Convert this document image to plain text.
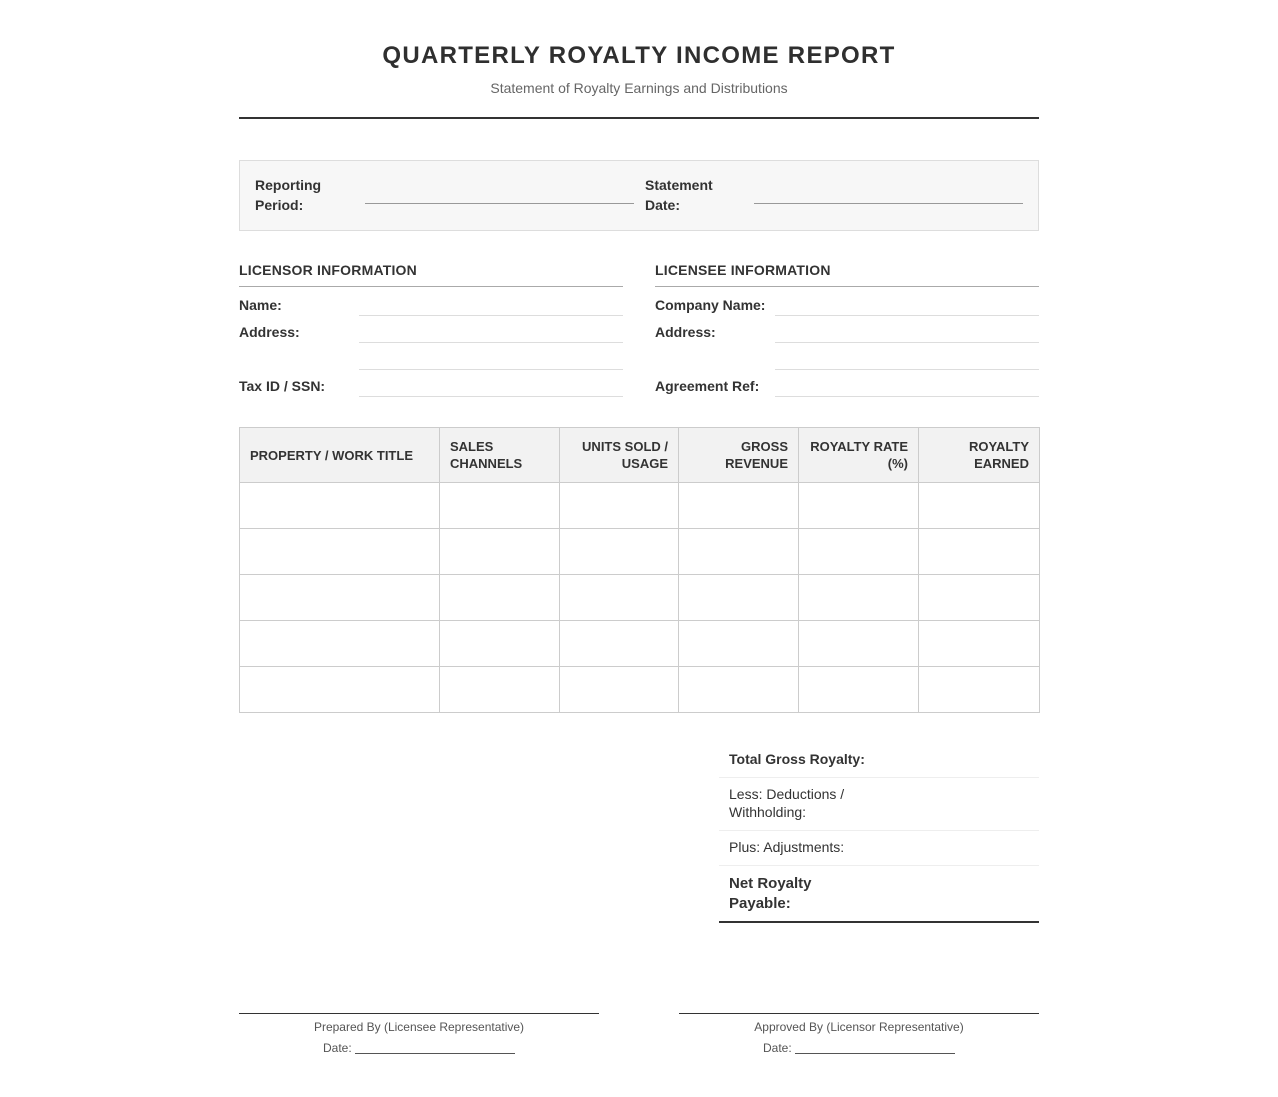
QUARTERLY ROYALTY INCOME REPORT
Statement of Royalty Earnings and Distributions
Reporting Period:
Statement Date:
LICENSOR INFORMATION
Name:
Address:
Tax ID / SSN:
LICENSEE INFORMATION
Company Name:
Address:
Agreement Ref:
PROPERTY / WORK TITLE	SALES CHANNELS	UNITS SOLD / USAGE	GROSS REVENUE	ROYALTY RATE (%)	ROYALTY EARNED

Total Gross Royalty:
Less: Deductions / Withholding:
Plus: Adjustments:
Net Royalty Payable:
Prepared By (Licensee Representative)
Date:
Approved By (Licensor Representative)
Date:
